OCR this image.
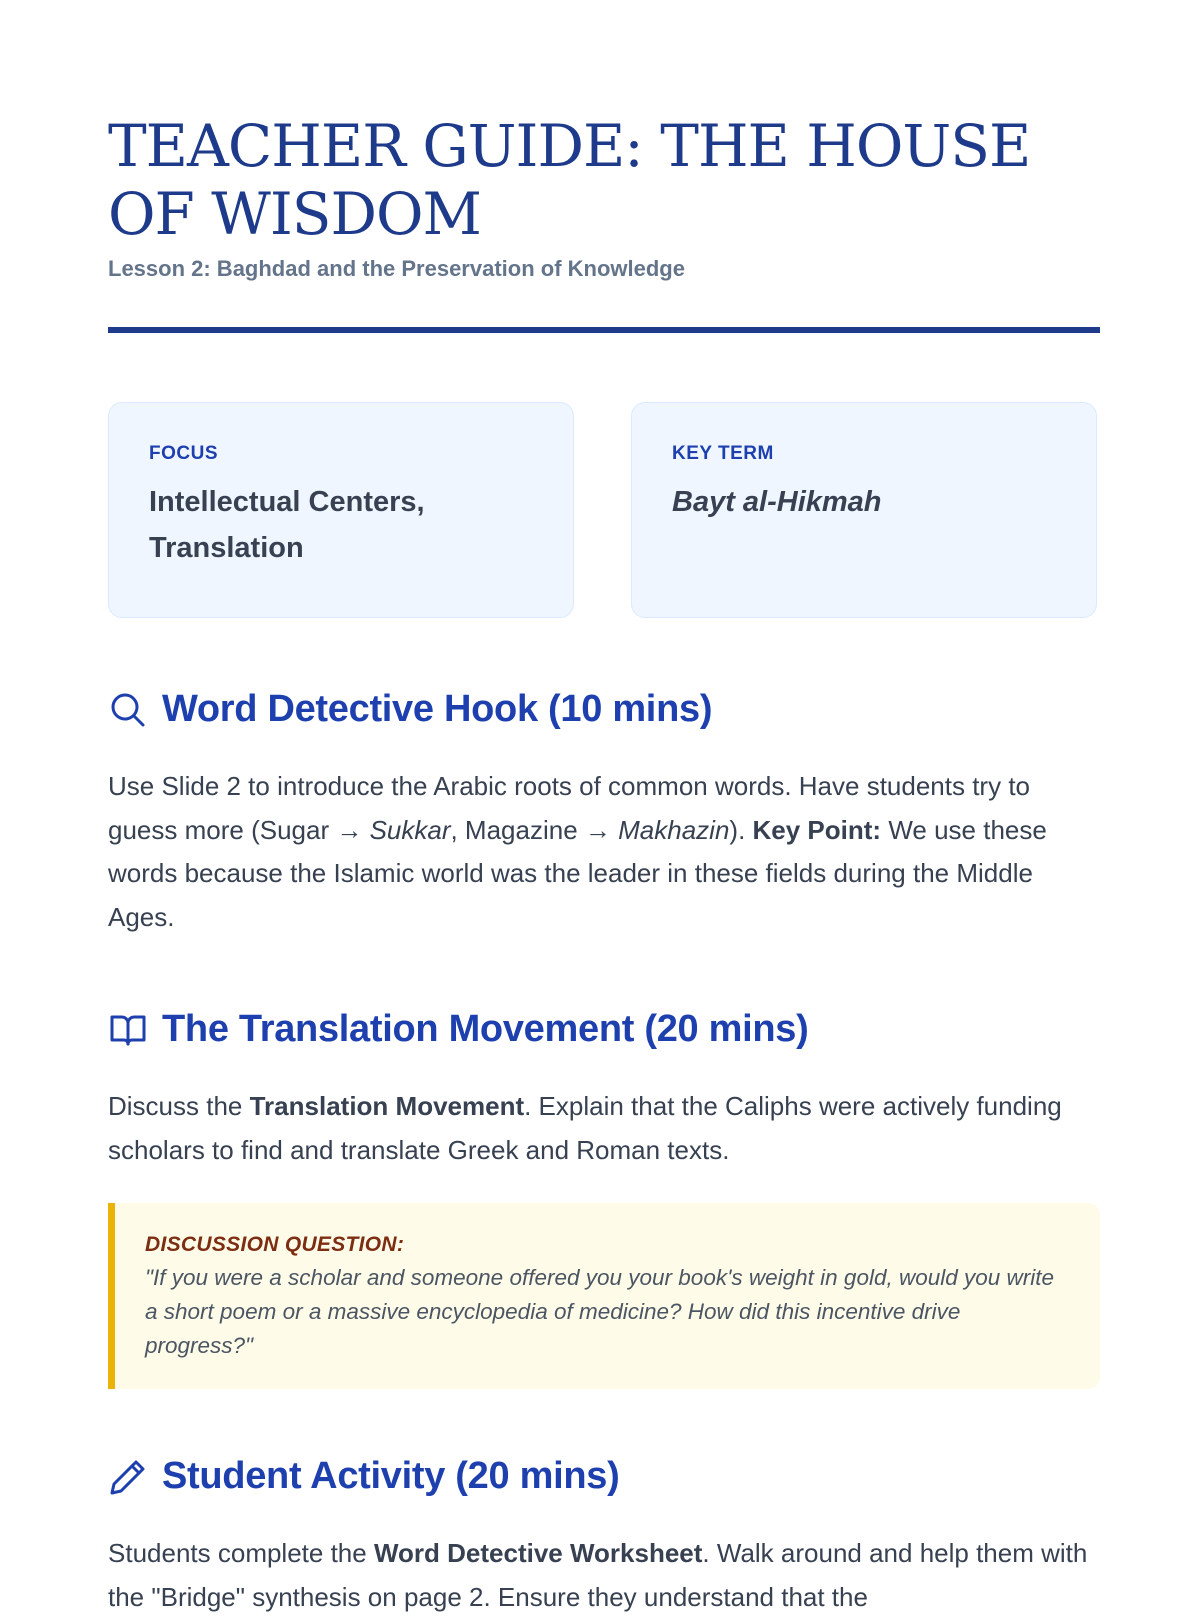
TEACHER GUIDE: THE HOUSE OF WISDOM

Lesson 2: Baghdad and the Preservation of Knowledge

FOCUS

Intellectual Centers, Translation

KEY TERM

Bayt al-Hikmah

Word Detective Hook (10 mins)

Use Slide 2 to introduce the Arabic roots of common words. Have students try to guess more (Sugar → Sukkar, Magazine → Makhazin). Key Point: We use these words because the Islamic world was the leader in these fields during the Middle Ages.

The Translation Movement (20 mins)

Discuss the Translation Movement. Explain that the Caliphs were actively funding scholars to find and translate Greek and Roman texts.

DISCUSSION QUESTION:

"If you were a scholar and someone offered you your book's weight in gold, would you write a short poem or a massive encyclopedia of medicine? How did this incentive drive progress?"

Student Activity (20 mins)

Students complete the Word Detective Worksheet. Walk around and help them with the "Bridge" synthesis on page 2. Ensure they understand that the
